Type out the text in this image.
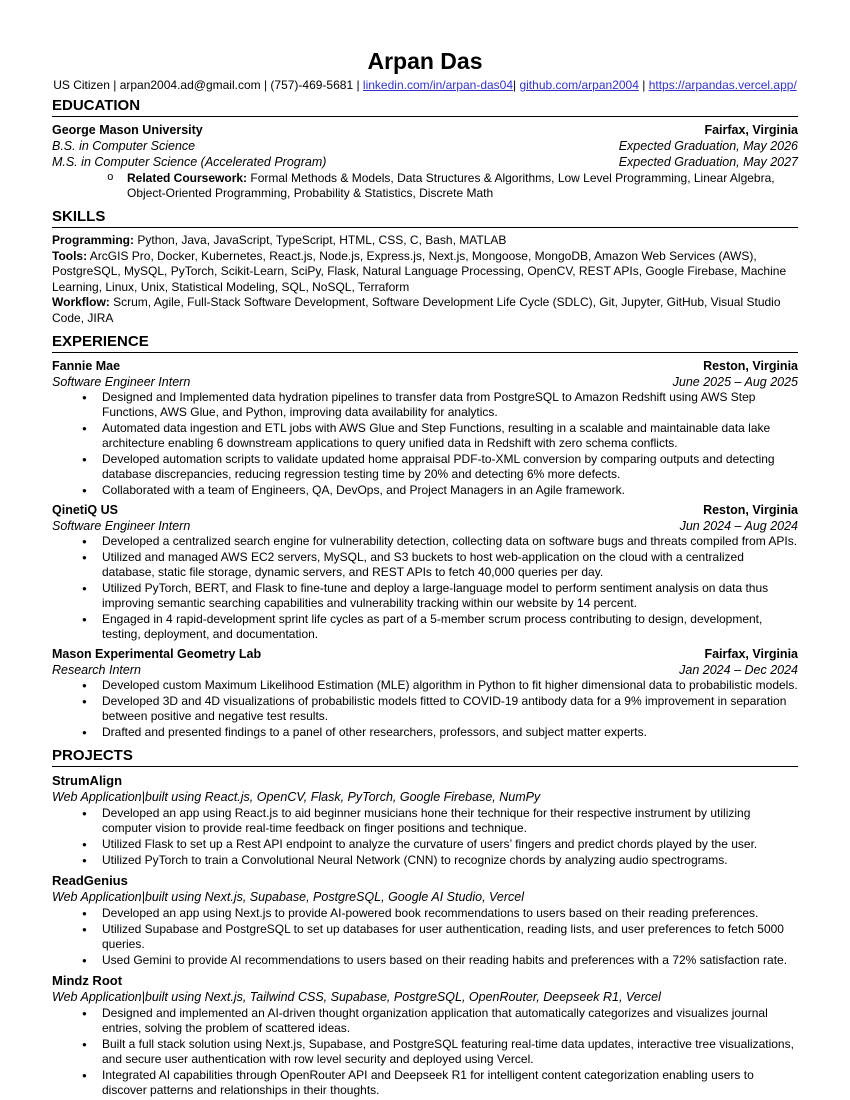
Arpan Das
US Citizen | arpan2004.ad@gmail.com | (757)-469-5681 | linkedin.com/in/arpan-das04| github.com/arpan2004 | https://arpandas.vercel.app/
EDUCATION
George Mason University	Fairfax, Virginia
B.S. in Computer Science	Expected Graduation, May 2026
M.S. in Computer Science (Accelerated Program)	Expected Graduation, May 2027
o	Related Coursework: Formal Methods & Models, Data Structures & Algorithms, Low Level Programming, Linear Algebra, Object-Oriented Programming, Probability & Statistics, Discrete Math
SKILLS
Programming: Python, Java, JavaScript, TypeScript, HTML, CSS, C, Bash, MATLAB
Tools: ArcGIS Pro, Docker, Kubernetes, React.js, Node.js, Express.js, Next.js, Mongoose, MongoDB, Amazon Web Services (AWS), PostgreSQL, MySQL, PyTorch, Scikit-Learn, SciPy, Flask, Natural Language Processing, OpenCV, REST APIs, Google Firebase, Machine Learning, Linux, Unix, Statistical Modeling, SQL, NoSQL, Terraform
Workflow: Scrum, Agile, Full-Stack Software Development, Software Development Life Cycle (SDLC), Git, Jupyter, GitHub, Visual Studio Code, JIRA
EXPERIENCE
Fannie Mae	Reston, Virginia
Software Engineer Intern	June 2025 – Aug 2025
●	Designed and Implemented data hydration pipelines to transfer data from PostgreSQL to Amazon Redshift using AWS Step Functions, AWS Glue, and Python, improving data availability for analytics.
●	Automated data ingestion and ETL jobs with AWS Glue and Step Functions, resulting in a scalable and maintainable data lake architecture enabling 6 downstream applications to query unified data in Redshift with zero schema conflicts.
●	Developed automation scripts to validate updated home appraisal PDF-to-XML conversion by comparing outputs and detecting database discrepancies, reducing regression testing time by 20% and detecting 6% more defects.
●	Collaborated with a team of Engineers, QA, DevOps, and Project Managers in an Agile framework.
QinetiQ US	Reston, Virginia
Software Engineer Intern	Jun 2024 – Aug 2024
●	Developed a centralized search engine for vulnerability detection, collecting data on software bugs and threats compiled from APIs.
●	Utilized and managed AWS EC2 servers, MySQL, and S3 buckets to host web-application on the cloud with a centralized database, static file storage, dynamic servers, and REST APIs to fetch 40,000 queries per day.
●	Utilized PyTorch, BERT, and Flask to fine-tune and deploy a large-language model to perform sentiment analysis on data thus improving semantic searching capabilities and vulnerability tracking within our website by 14 percent.
●	Engaged in 4 rapid-development sprint life cycles as part of a 5-member scrum process contributing to design, development, testing, deployment, and documentation.
Mason Experimental Geometry Lab	Fairfax, Virginia
Research Intern	Jan 2024 – Dec 2024
●	Developed custom Maximum Likelihood Estimation (MLE) algorithm in Python to fit higher dimensional data to probabilistic models.
●	Developed 3D and 4D visualizations of probabilistic models fitted to COVID-19 antibody data for a 9% improvement in separation between positive and negative test results.
●	Drafted and presented findings to a panel of other researchers, professors, and subject matter experts.
PROJECTS
StrumAlign
Web Application|built using React.js, OpenCV, Flask, PyTorch, Google Firebase, NumPy
●	Developed an app using React.js to aid beginner musicians hone their technique for their respective instrument by utilizing computer vision to provide real-time feedback on finger positions and technique.
●	Utilized Flask to set up a Rest API endpoint to analyze the curvature of users’ fingers and predict chords played by the user.
●	Utilized PyTorch to train a Convolutional Neural Network (CNN) to recognize chords by analyzing audio spectrograms.
ReadGenius
Web Application|built using Next.js, Supabase, PostgreSQL, Google AI Studio, Vercel
●	Developed an app using Next.js to provide AI-powered book recommendations to users based on their reading preferences.
●	Utilized Supabase and PostgreSQL to set up databases for user authentication, reading lists, and user preferences to fetch 5000 queries.
●	Used Gemini to provide AI recommendations to users based on their reading habits and preferences with a 72% satisfaction rate.
Mindz Root
Web Application|built using Next.js, Tailwind CSS, Supabase, PostgreSQL, OpenRouter, Deepseek R1, Vercel
●	Designed and implemented an AI-driven thought organization application that automatically categorizes and visualizes journal entries, solving the problem of scattered ideas.
●	Built a full stack solution using Next.js, Supabase, and PostgreSQL featuring real-time data updates, interactive tree visualizations, and secure user authentication with row level security and deployed using Vercel.
●	Integrated AI capabilities through OpenRouter API and Deepseek R1 for intelligent content categorization enabling users to discover patterns and relationships in their thoughts.
